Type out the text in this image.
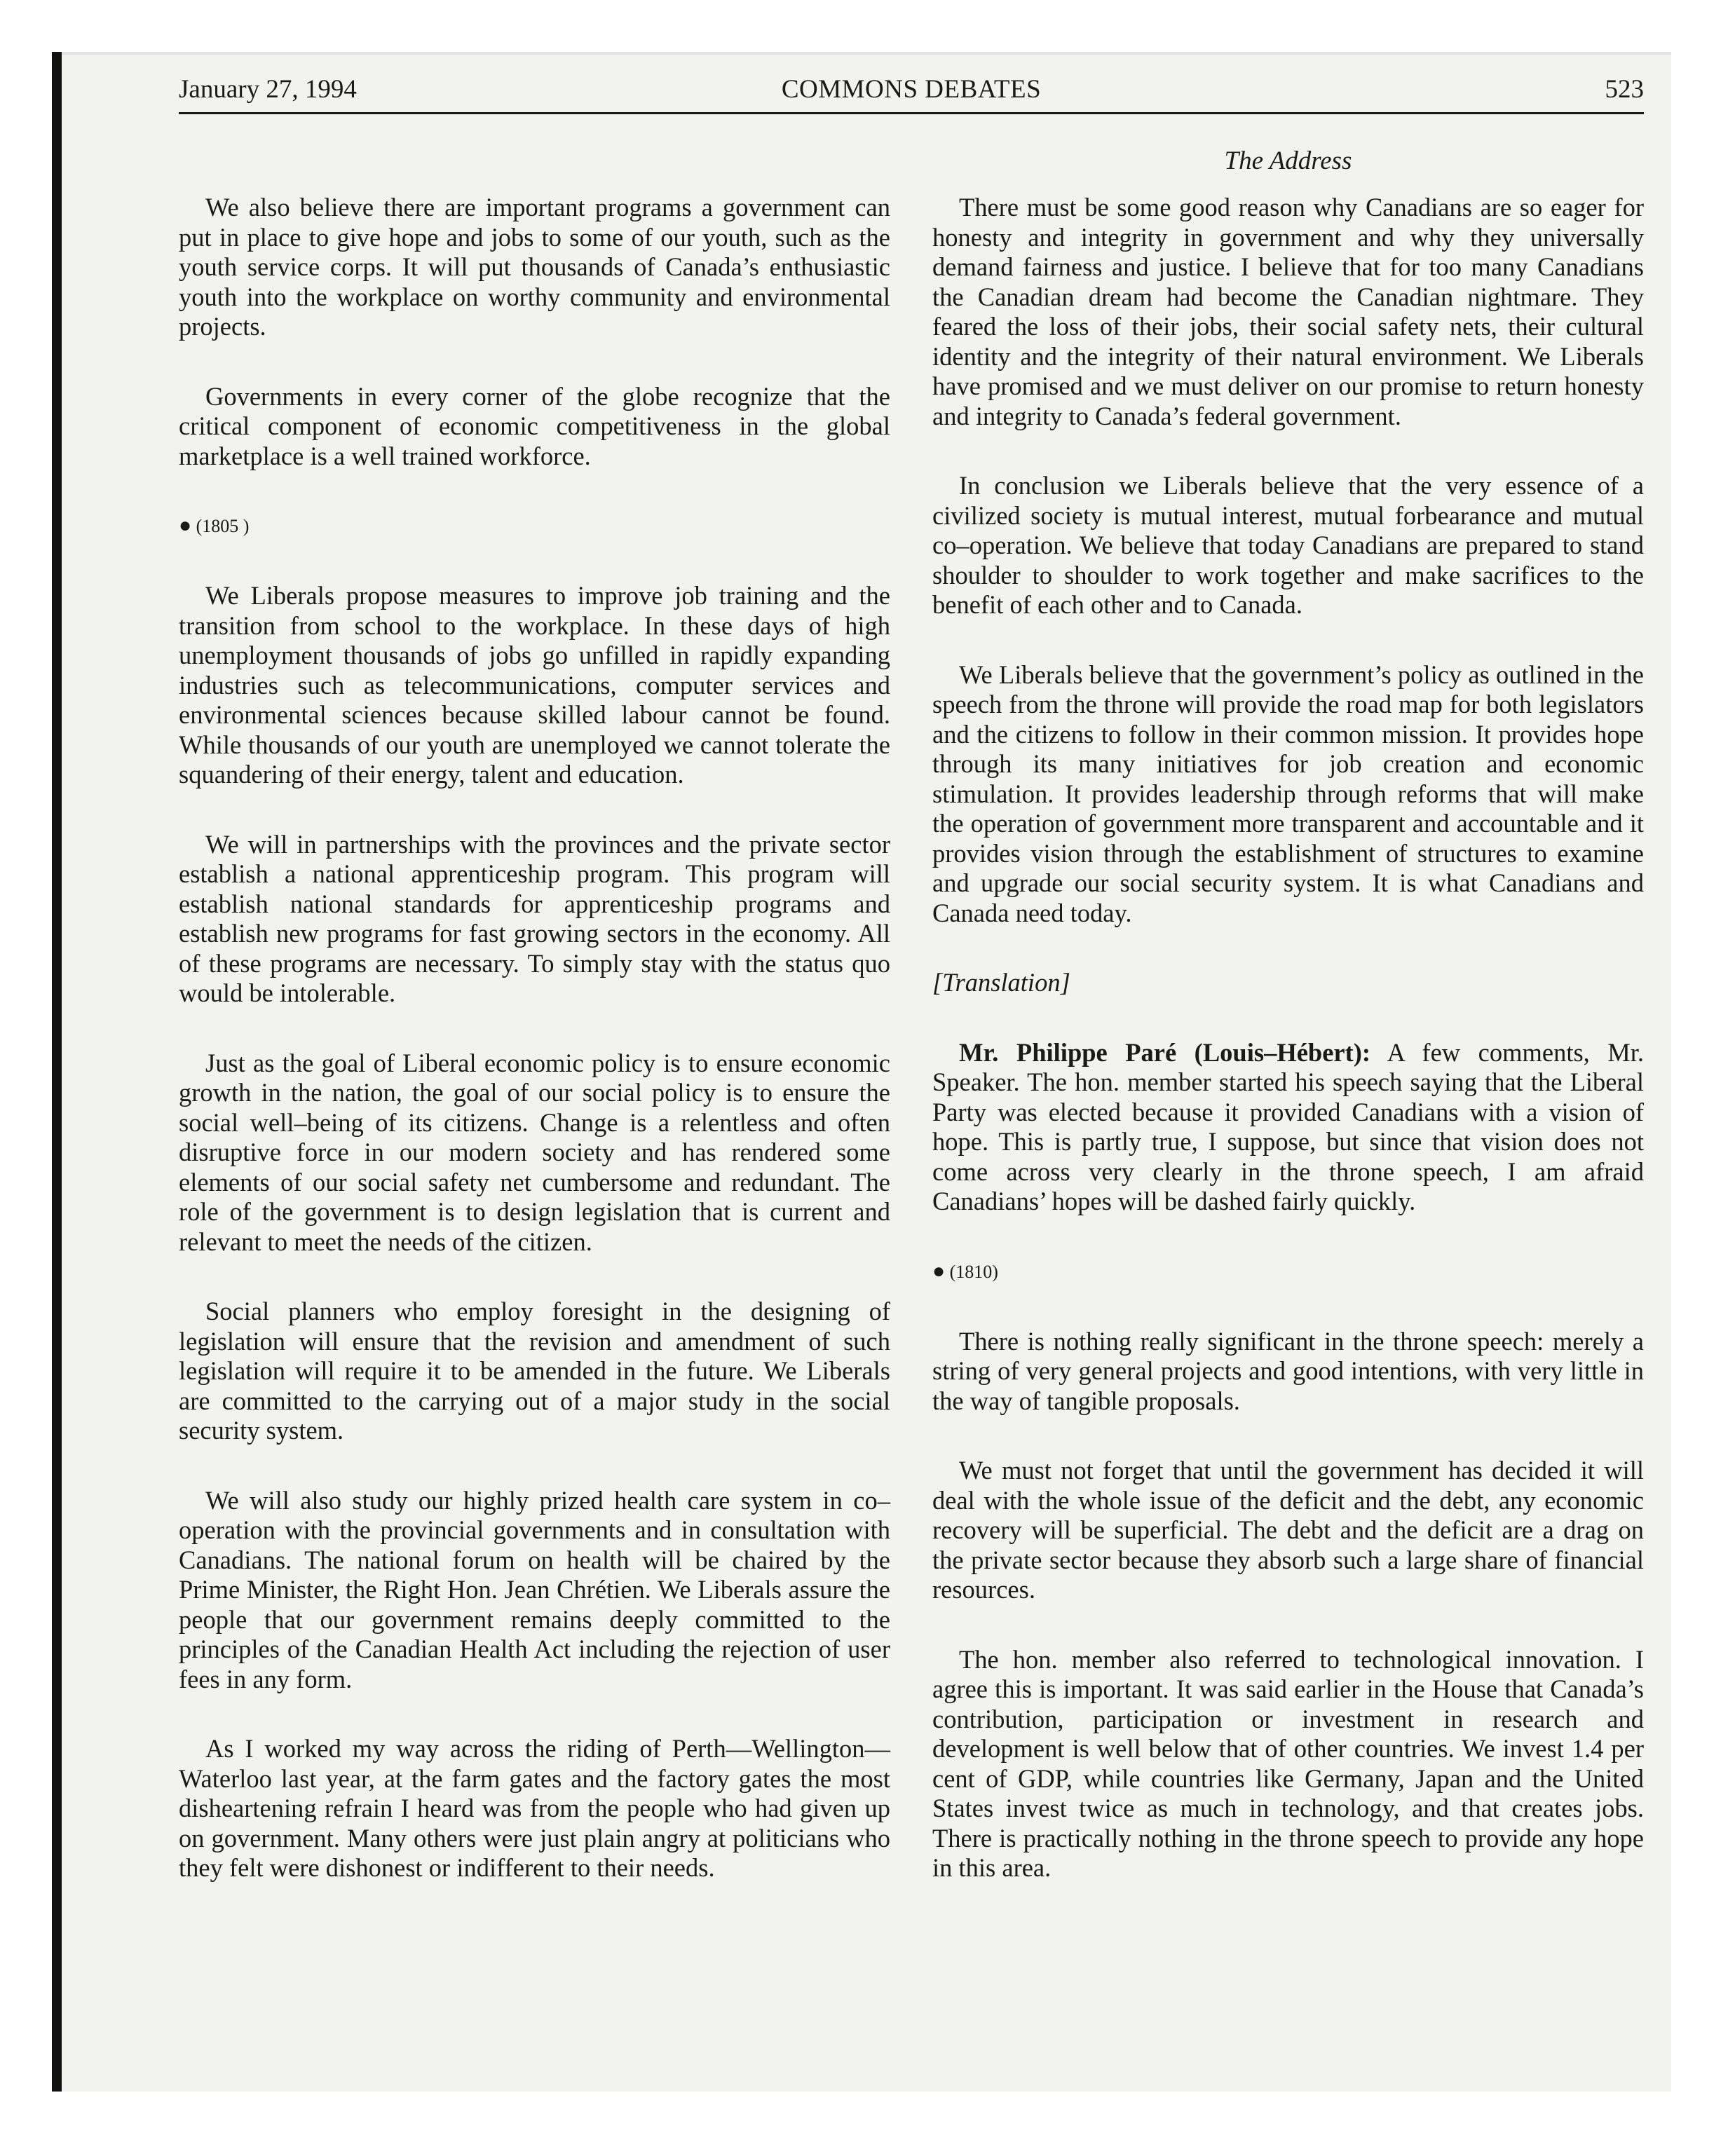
January 27, 1994	COMMONS DEBATES	523
The Address

We also believe there are important programs a government can put in place to give hope and jobs to some of our youth, such as the youth service corps. It will put thousands of Canada’s enthusiastic youth into the workplace on worthy community and environmental projects.

Governments in every corner of the globe recognize that the critical component of economic competitiveness in the global marketplace is a well trained workforce.

● (1805 )

We Liberals propose measures to improve job training and the transition from school to the workplace. In these days of high unemployment thousands of jobs go unfilled in rapidly expanding industries such as telecommunications, computer services and environmental sciences because skilled labour cannot be found. While thousands of our youth are unemployed we cannot tolerate the squandering of their energy, talent and education.

We will in partnerships with the provinces and the private sector establish a national apprenticeship program. This program will establish national standards for apprenticeship programs and establish new programs for fast growing sectors in the economy. All of these programs are necessary. To simply stay with the status quo would be intolerable.

Just as the goal of Liberal economic policy is to ensure economic growth in the nation, the goal of our social policy is to ensure the social well–being of its citizens. Change is a relentless and often disruptive force in our modern society and has rendered some elements of our social safety net cumbersome and redundant. The role of the government is to design legislation that is current and relevant to meet the needs of the citizen.

Social planners who employ foresight in the designing of legislation will ensure that the revision and amendment of such legislation will require it to be amended in the future. We Liberals are committed to the carrying out of a major study in the social security system.

We will also study our highly prized health care system in co–operation with the provincial governments and in consultation with Canadians. The national forum on health will be chaired by the Prime Minister, the Right Hon. Jean Chrétien. We Liberals assure the people that our government remains deeply committed to the principles of the Canadian Health Act including the rejection of user fees in any form.

As I worked my way across the riding of Perth—Wellington—Waterloo last year, at the farm gates and the factory gates the most disheartening refrain I heard was from the people who had given up on government. Many others were just plain angry at politicians who they felt were dishonest or indifferent to their needs.

There must be some good reason why Canadians are so eager for honesty and integrity in government and why they universally demand fairness and justice. I believe that for too many Canadians the Canadian dream had become the Canadian nightmare. They feared the loss of their jobs, their social safety nets, their cultural identity and the integrity of their natural environment. We Liberals have promised and we must deliver on our promise to return honesty and integrity to Canada’s federal government.

In conclusion we Liberals believe that the very essence of a civilized society is mutual interest, mutual forbearance and mutual co–operation. We believe that today Canadians are prepared to stand shoulder to shoulder to work together and make sacrifices to the benefit of each other and to Canada.

We Liberals believe that the government’s policy as outlined in the speech from the throne will provide the road map for both legislators and the citizens to follow in their common mission. It provides hope through its many initiatives for job creation and economic stimulation. It provides leadership through reforms that will make the operation of government more transparent and accountable and it provides vision through the establishment of structures to examine and upgrade our social security system. It is what Canadians and Canada need today.

[Translation]

Mr. Philippe Paré (Louis–Hébert): A few comments, Mr. Speaker. The hon. member started his speech saying that the Liberal Party was elected because it provided Canadians with a vision of hope. This is partly true, I suppose, but since that vision does not come across very clearly in the throne speech, I am afraid Canadians’ hopes will be dashed fairly quickly.

● (1810)

There is nothing really significant in the throne speech: merely a string of very general projects and good intentions, with very little in the way of tangible proposals.

We must not forget that until the government has decided it will deal with the whole issue of the deficit and the debt, any economic recovery will be superficial. The debt and the deficit are a drag on the private sector because they absorb such a large share of financial resources.

The hon. member also referred to technological innovation. I agree this is important. It was said earlier in the House that Canada’s contribution, participation or investment in research and development is well below that of other countries. We invest 1.4 per cent of GDP, while countries like Germany, Japan and the United States invest twice as much in technology, and that creates jobs. There is practically nothing in the throne speech to provide any hope in this area.
